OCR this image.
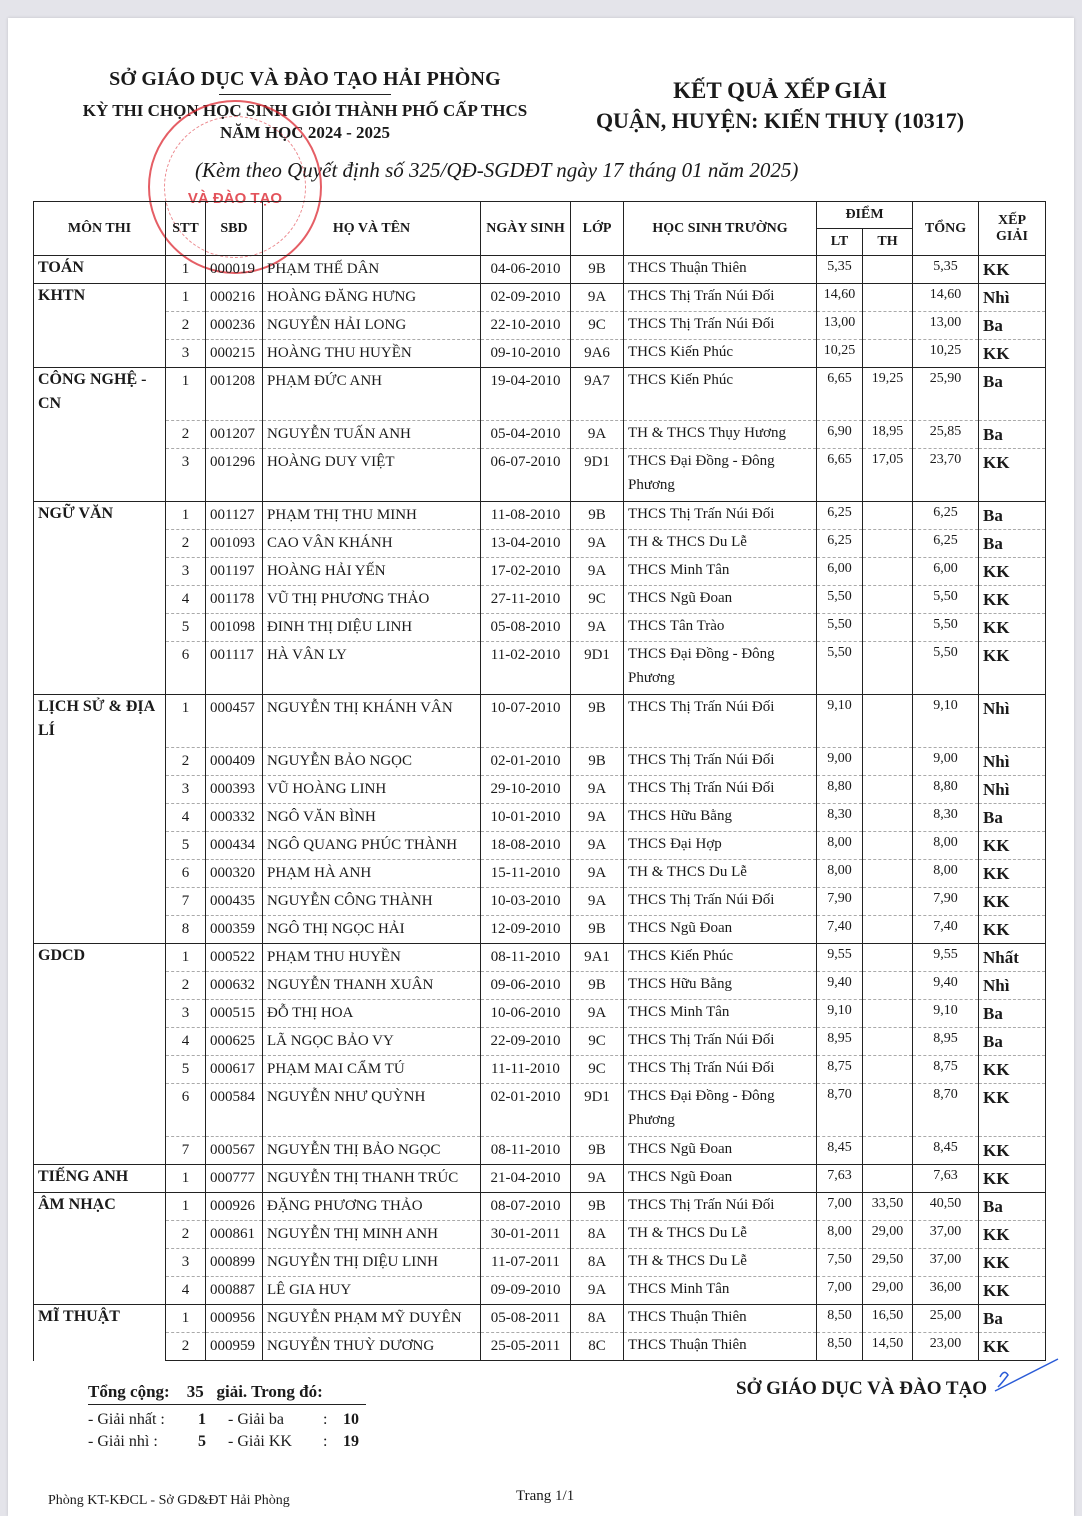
SỞ GIÁO DỤC VÀ ĐÀO TẠO HẢI PHÒNG
KỲ THI CHỌN HỌC SINH GIỎI THÀNH PHỐ CẤP THCS
NĂM HỌC 2024 - 2025
KẾT QUẢ XẾP GIẢI
QUẬN, HUYỆN: KIẾN THUỴ (10317)
(Kèm theo Quyết định số 325/QĐ-SGDĐT ngày 17 tháng 01 năm 2025)
VÀ ĐÀO TẠO
MÔN THI	STT	SBD	HỌ VÀ TÊN	NGÀY SINH	LỚP	HỌC SINH TRƯỜNG	ĐIỂM		TỔNG	XẾP GIẢI
							LT	TH		
TOÁN	1	000019	PHẠM THẾ DÂN	04-06-2010	9B	THCS Thuận Thiên	5,35		5,35	KK
KHTN	1	000216	HOÀNG ĐĂNG HƯNG	02-09-2010	9A	THCS Thị Trấn Núi Đối	14,60		14,60	Nhì
	2	000236	NGUYỄN HẢI LONG	22-10-2010	9C	THCS Thị Trấn Núi Đối	13,00		13,00	Ba
	3	000215	HOÀNG THU HUYỀN	09-10-2010	9A6	THCS Kiến Phúc	10,25		10,25	KK
CÔNG NGHỆ - CN	1	001208	PHẠM ĐỨC ANH	19-04-2010	9A7	THCS Kiến Phúc	6,65	19,25	25,90	Ba
	2	001207	NGUYỄN TUẤN ANH	05-04-2010	9A	TH & THCS Thụy Hương	6,90	18,95	25,85	Ba
	3	001296	HOÀNG DUY VIỆT	06-07-2010	9D1	THCS Đại Đồng - Đông Phương	6,65	17,05	23,70	KK
NGỮ VĂN	1	001127	PHẠM THỊ THU MINH	11-08-2010	9B	THCS Thị Trấn Núi Đối	6,25		6,25	Ba
	2	001093	CAO VÂN KHÁNH	13-04-2010	9A	TH & THCS Du Lễ	6,25		6,25	Ba
	3	001197	HOÀNG HẢI YẾN	17-02-2010	9A	THCS Minh Tân	6,00		6,00	KK
	4	001178	VŨ THỊ PHƯƠNG THẢO	27-11-2010	9C	THCS Ngũ Đoan	5,50		5,50	KK
	5	001098	ĐINH THỊ DIỆU LINH	05-08-2010	9A	THCS Tân Trào	5,50		5,50	KK
	6	001117	HÀ VÂN LY	11-02-2010	9D1	THCS Đại Đồng - Đông Phương	5,50		5,50	KK
LỊCH SỬ & ĐỊA LÍ	1	000457	NGUYỄN THỊ KHÁNH VÂN	10-07-2010	9B	THCS Thị Trấn Núi Đối	9,10		9,10	Nhì
	2	000409	NGUYỄN BẢO NGỌC	02-01-2010	9B	THCS Thị Trấn Núi Đối	9,00		9,00	Nhì
	3	000393	VŨ HOÀNG LINH	29-10-2010	9A	THCS Thị Trấn Núi Đối	8,80		8,80	Nhì
	4	000332	NGÔ VĂN BÌNH	10-01-2010	9A	THCS Hữu Bằng	8,30		8,30	Ba
	5	000434	NGÔ QUANG PHÚC THÀNH	18-08-2010	9A	THCS Đại Hợp	8,00		8,00	KK
	6	000320	PHẠM HÀ ANH	15-11-2010	9A	TH & THCS Du Lễ	8,00		8,00	KK
	7	000435	NGUYỄN CÔNG THÀNH	10-03-2010	9A	THCS Thị Trấn Núi Đối	7,90		7,90	KK
	8	000359	NGÔ THỊ NGỌC HẢI	12-09-2010	9B	THCS Ngũ Đoan	7,40		7,40	KK
GDCD	1	000522	PHẠM THU HUYỀN	08-11-2010	9A1	THCS Kiến Phúc	9,55		9,55	Nhất
	2	000632	NGUYỄN THANH XUÂN	09-06-2010	9B	THCS Hữu Bằng	9,40		9,40	Nhì
	3	000515	ĐỖ THỊ HOA	10-06-2010	9A	THCS Minh Tân	9,10		9,10	Ba
	4	000625	LÃ NGỌC BẢO VY	22-09-2010	9C	THCS Thị Trấn Núi Đối	8,95		8,95	Ba
	5	000617	PHẠM MAI CẨM TÚ	11-11-2010	9C	THCS Thị Trấn Núi Đối	8,75		8,75	KK
	6	000584	NGUYỄN NHƯ QUỲNH	02-01-2010	9D1	THCS Đại Đồng - Đông Phương	8,70		8,70	KK
	7	000567	NGUYỄN THỊ BẢO NGỌC	08-11-2010	9B	THCS Ngũ Đoan	8,45		8,45	KK
TIẾNG ANH	1	000777	NGUYỄN THỊ THANH TRÚC	21-04-2010	9A	THCS Ngũ Đoan	7,63		7,63	KK
ÂM NHẠC	1	000926	ĐẶNG PHƯƠNG THẢO	08-07-2010	9B	THCS Thị Trấn Núi Đối	7,00	33,50	40,50	Ba
	2	000861	NGUYỄN THỊ MINH ANH	30-01-2011	8A	TH & THCS Du Lễ	8,00	29,00	37,00	KK
	3	000899	NGUYỄN THỊ DIỆU LINH	11-07-2011	8A	TH & THCS Du Lễ	7,50	29,50	37,00	KK
	4	000887	LÊ GIA HUY	09-09-2010	9A	THCS Minh Tân	7,00	29,00	36,00	KK
MĨ THUẬT	1	000956	NGUYỄN PHẠM MỸ DUYÊN	05-08-2011	8A	THCS Thuận Thiên	8,50	16,50	25,00	Ba
	2	000959	NGUYỄN THUỲ DƯƠNG	25-05-2011	8C	THCS Thuận Thiên	8,50	14,50	23,00	KK
Tổng cộng: 35 giải. Trong đó:
- Giải nhất :	1	- Giải ba	: 10
- Giải nhì :	5	- Giải KK	: 19
SỞ GIÁO DỤC VÀ ĐÀO TẠO
Phòng KT-KĐCL - Sở GD&ĐT Hải Phòng	Trang 1/1
